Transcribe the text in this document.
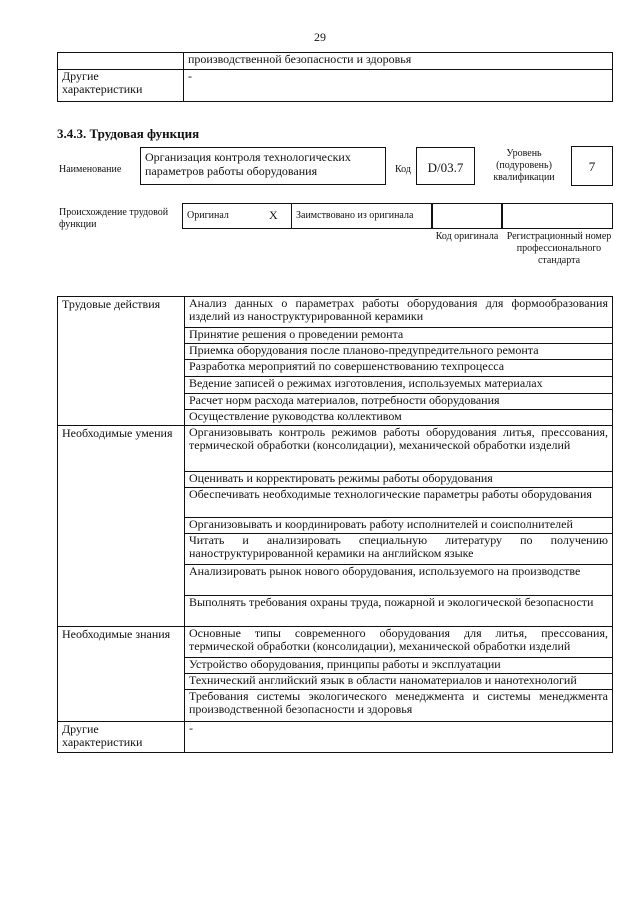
29
	производственной безопасности и здоровья
Другие характеристики	-
3.4.3. Трудовая функция
Наименование
Организация контроля технологических параметров работы оборудования	Код	D/03.7
Уровень (подуровень) квалификации
7
Происхождение трудовой функции
Оригинал	X Заимствовано из оригинала
Код оригинала Регистрационный номер профессионального стандарта
Трудовые действия	Анализ данных о параметрах работы оборудования для формообразования изделий из наноструктурированной керамики
	Принятие решения о проведении ремонта
	Приемка оборудования после планово-предупредительного ремонта
	Разработка мероприятий по совершенствованию техпроцесса
	Ведение записей о режимах изготовления, используемых материалах
	Расчет норм расхода материалов, потребности оборудования
	Осуществление руководства коллективом
Необходимые умения	Организовывать контроль режимов работы оборудования литья, прессования, термической обработки (консолидации), механической обработки изделий
	Оценивать и корректировать режимы работы оборудования
	Обеспечивать необходимые технологические параметры работы оборудования
	Организовывать и координировать работу исполнителей и соисполнителей
	Читать и анализировать специальную литературу по получению наноструктурированной керамики на английском языке
	Анализировать рынок нового оборудования, используемого на производстве
	Выполнять требования охраны труда, пожарной и экологической безопасности
Необходимые знания	Основные типы современного оборудования для литья, прессования, термической обработки (консолидации), механической обработки изделий
	Устройство оборудования, принципы работы и эксплуатации
	Технический английский язык в области наноматериалов и нанотехнологий
	Требования системы экологического менеджмента и системы менеджмента производственной безопасности и здоровья
Другие характеристики	-
